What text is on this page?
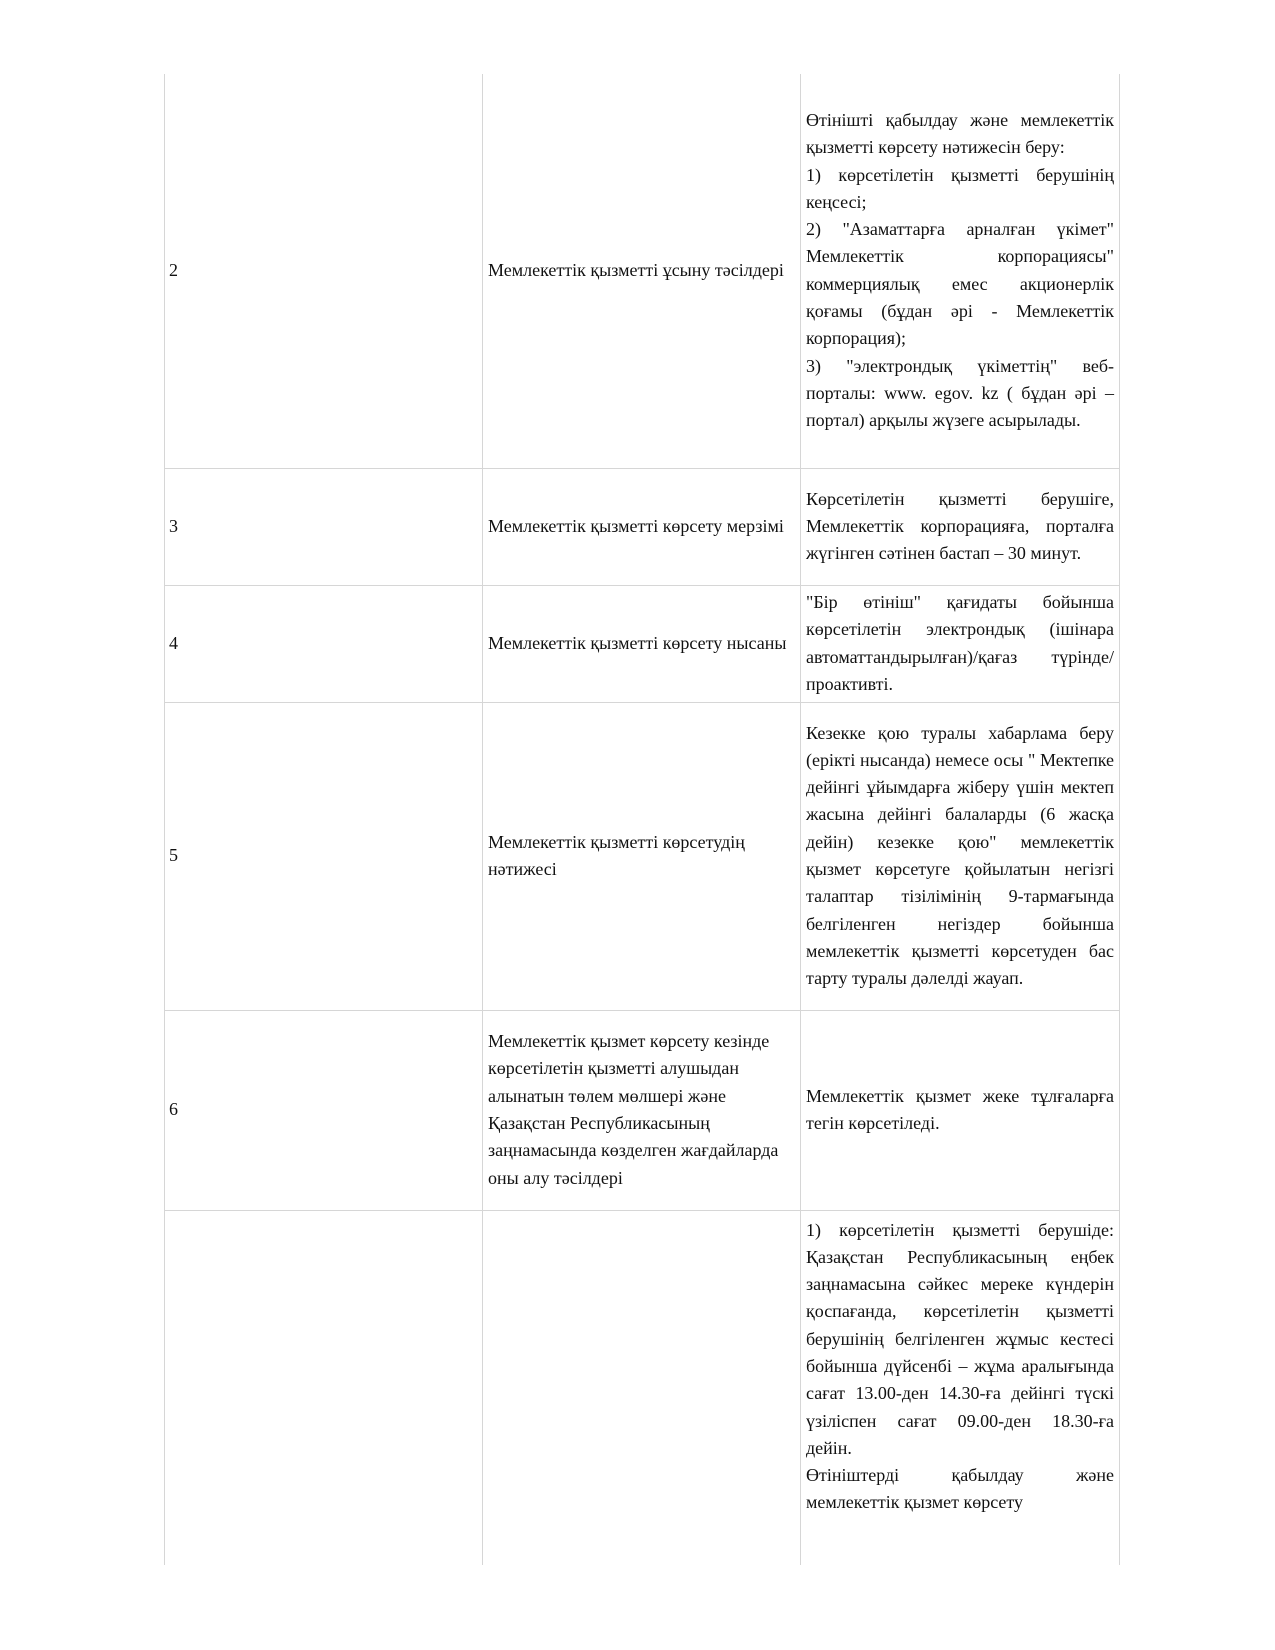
2	Мемлекеттік қызметті ұсыну тәсілдері	Өтінішті қабылдау және мемлекеттік қызметті көрсету нәтижесін беру:
1) көрсетілетін қызметті берушінің кеңсесі;
2) "Азаматтарға арналған үкімет" Мемлекеттік корпорациясы" коммерциялық емес акционерлік қоғамы (бұдан әрі - Мемлекеттік корпорация);
3) "электрондық үкіметтің" веб-порталы: www. egov. kz ( бұдан әрі – портал) арқылы жүзеге асырылады.

3	Мемлекеттік қызметті көрсету мерзімі	Көрсетілетін қызметті берушіге, Мемлекеттік корпорацияға, порталға жүгінген сәтінен бастап – 30 минут.

4	Мемлекеттік қызметті көрсету нысаны	"Бір өтініш" қағидаты бойынша көрсетілетін электрондық (ішінара автоматтандырылған)/қағаз түрінде/ проактивті.

5	Мемлекеттік қызметті көрсетудің нәтижесі	Кезекке қою туралы хабарлама беру (ерікті нысанда) немесе осы " Мектепке дейінгі ұйымдарға жіберу үшін мектеп жасына дейінгі балаларды (6 жасқа дейін) кезекке қою" мемлекеттік қызмет көрсетуге қойылатын негізгі талаптар тізілімінің 9-тармағында белгіленген негіздер бойынша мемлекеттік қызметті көрсетуден бас тарту туралы дәлелді жауап.

6	Мемлекеттік қызмет көрсету кезінде көрсетілетін қызметті алушыдан алынатын төлем мөлшері және Қазақстан Республикасының заңнамасында көзделген жағдайларда оны алу тәсілдері	Мемлекеттік қызмет жеке тұлғаларға тегін көрсетіледі.

		1) көрсетілетін қызметті берушіде: Қазақстан Республикасының еңбек заңнамасына сәйкес мереке күндерін қоспағанда, көрсетілетін қызметті берушінің белгіленген жұмыс кестесі бойынша дүйсенбі – жұма аралығында сағат 13.00-ден 14.30-ға дейінгі түскі үзіліспен сағат 09.00-ден 18.30-ға дейін.
Өтініштерді қабылдау және мемлекеттік қызмет көрсету
